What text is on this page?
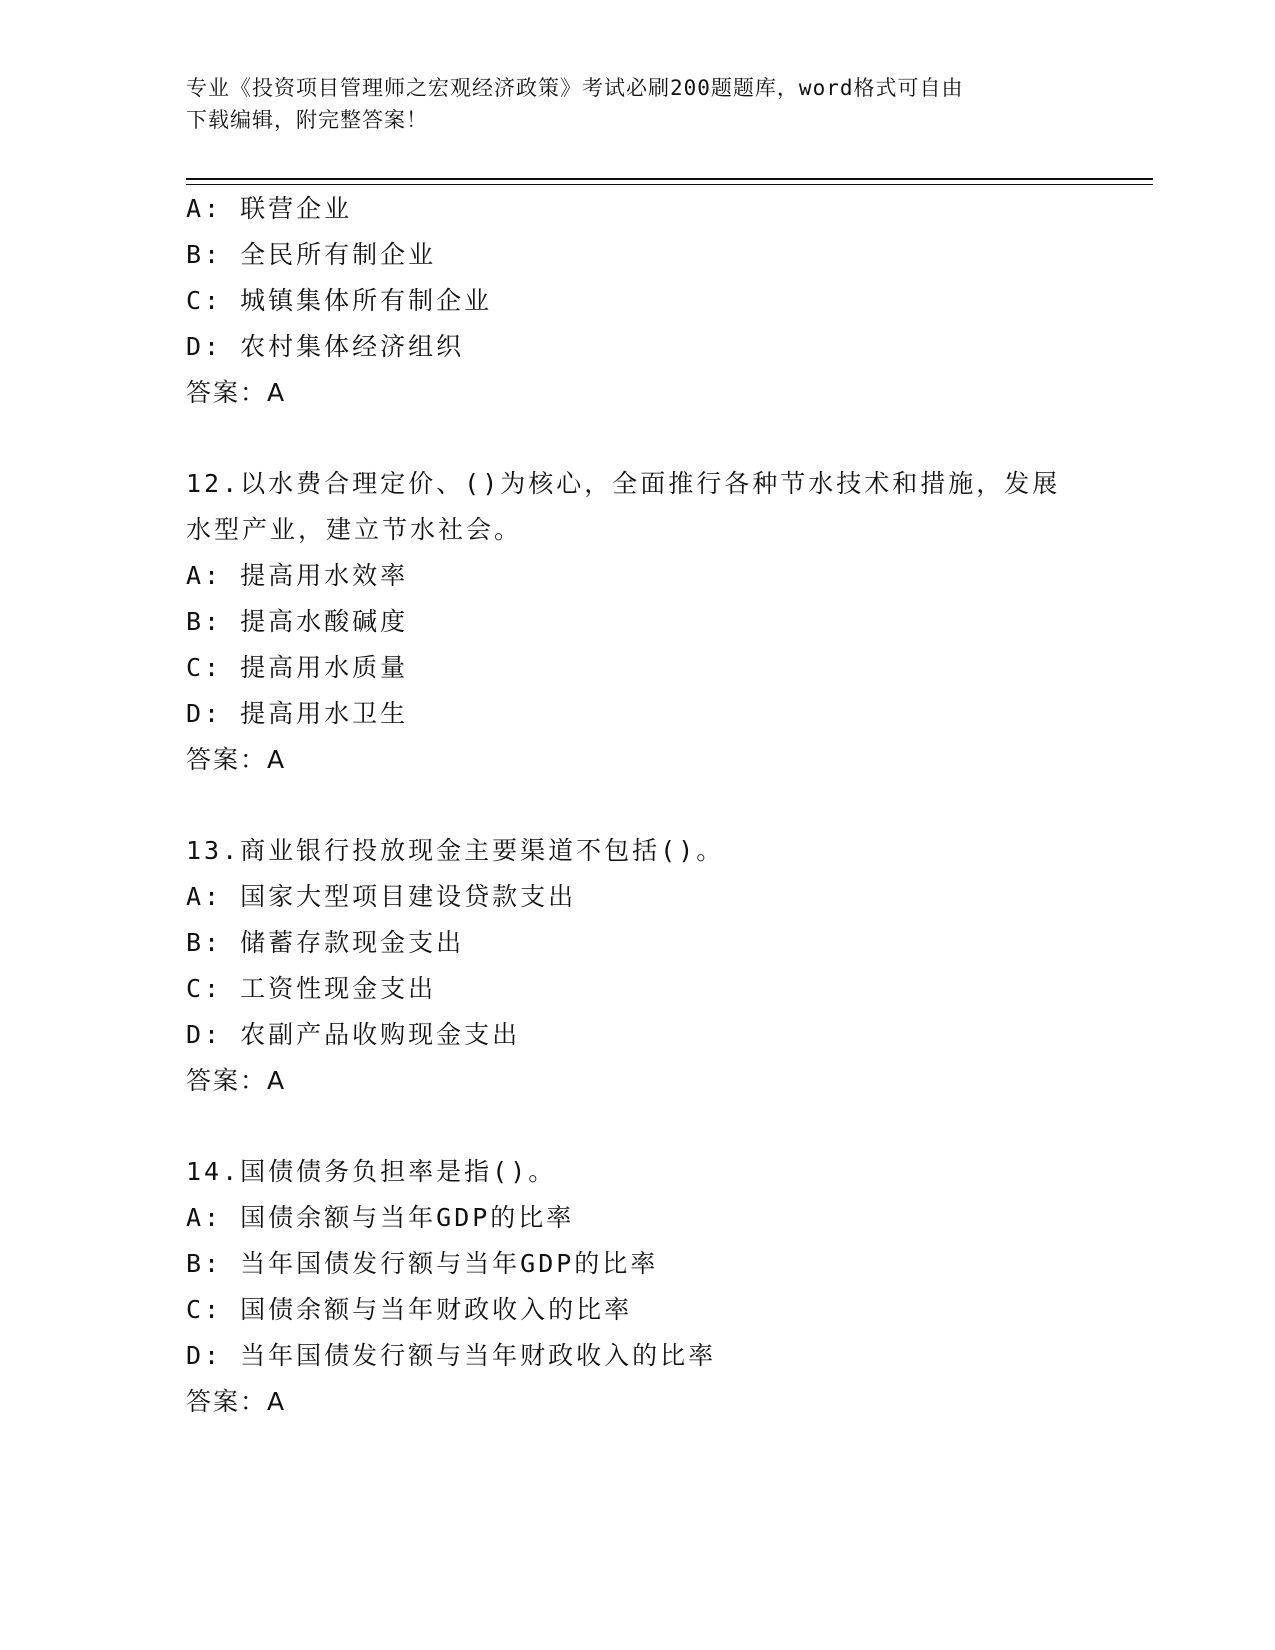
专业《投资项目管理师之宏观经济政策》考试必刷200题题库，word格式可自由
下载编辑，附完整答案！
A: 联营企业
B: 全民所有制企业
C: 城镇集体所有制企业
D: 农村集体经济组织
答案：A
12.以水费合理定价、()为核心，全面推行各种节水技术和措施，发展
水型产业，建立节水社会。
A: 提高用水效率
B: 提高水酸碱度
C: 提高用水质量
D: 提高用水卫生
答案：A
13.商业银行投放现金主要渠道不包括()。
A: 国家大型项目建设贷款支出
B: 储蓄存款现金支出
C: 工资性现金支出
D: 农副产品收购现金支出
答案：A
14.国债债务负担率是指()。
A: 国债余额与当年GDP的比率
B: 当年国债发行额与当年GDP的比率
C: 国债余额与当年财政收入的比率
D: 当年国债发行额与当年财政收入的比率
答案：A
